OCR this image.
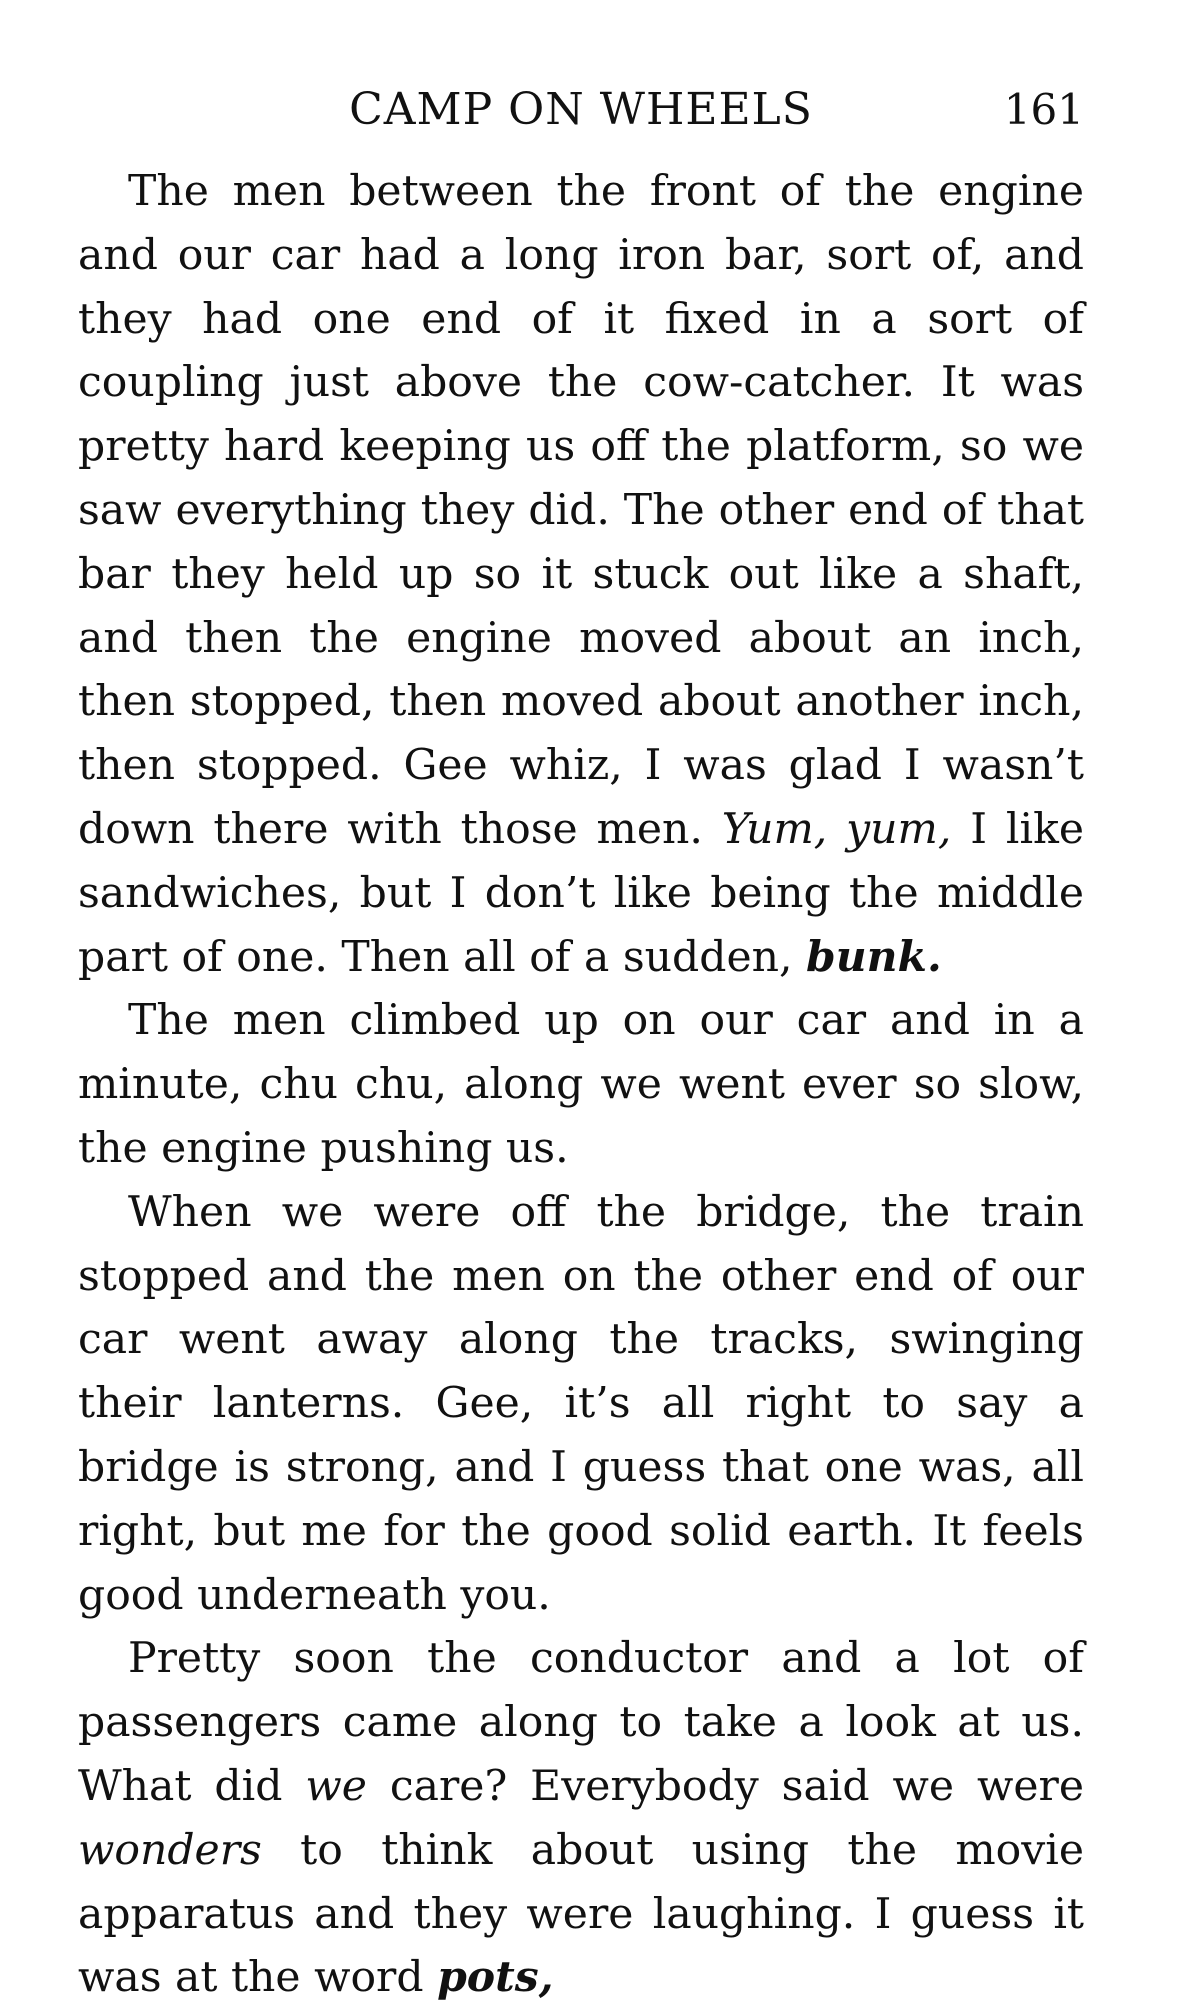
CAMP ON WHEELS	161

The men between the front of the engine and our car had a long iron bar, sort of, and they had one end of it fixed in a sort of coupling just above the cow-catcher. It was pretty hard keeping us off the platform, so we saw everything they did. The other end of that bar they held up so it stuck out like a shaft, and then the engine moved about an inch, then stopped, then moved about another inch, then stopped. Gee whiz, I was glad I wasn’t down there with those men. Yum, yum, I like sandwiches, but I don’t like being the middle part of one. Then all of a sudden, bunk.

The men climbed up on our car and in a minute, chu chu, along we went ever so slow, the engine pushing us.

When we were off the bridge, the train stopped and the men on the other end of our car went away along the tracks, swinging their lanterns. Gee, it’s all right to say a bridge is strong, and I guess that one was, all right, but me for the good solid earth. It feels good underneath you.

Pretty soon the conductor and a lot of passengers came along to take a look at us. What did we care? Everybody said we were wonders to think about using the movie apparatus and they were laughing. I guess it was at the word pots,
